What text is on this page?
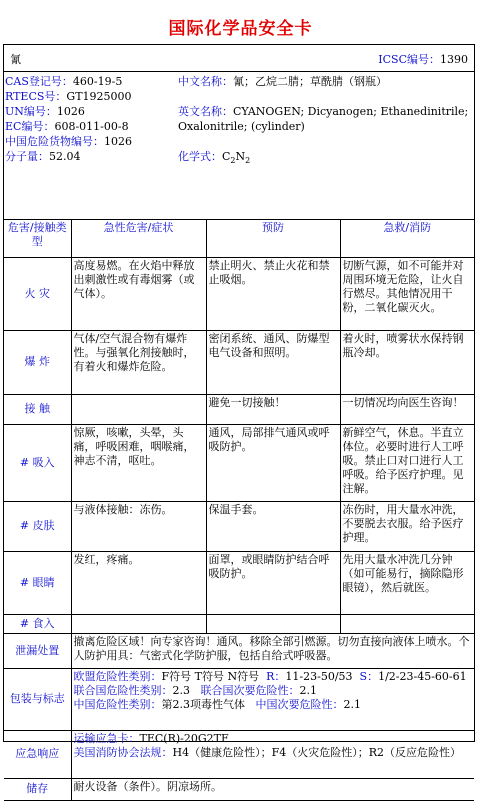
国际化学品安全卡
氰	ICSC编号：1390
CAS登记号：460-19-5
RTECS号：GT1925000
UN编号：1026
EC编号：608-011-00-8
中国危险货物编号：1026
分子量：52.04
中文名称：氰；乙烷二腈；草酰腈（钢瓶）
英文名称：CYANOGEN; Dicyanogen; Ethanedinitrile; Oxalonitrile; (cylinder)
化学式：$C_2N_2$
危害/接触类型	急性危害/症状	预防	急救/消防
火 灾	高度易燃。在火焰中释放出刺激性或有毒烟雾（或气体）。	禁止明火、禁止火花和禁止吸烟。	切断气源，如不可能并对周围环境无危险，让火自行燃尽。其他情况用干粉，二氧化碳灭火。
爆 炸	气体/空气混合物有爆炸性。与强氧化剂接触时，有着火和爆炸危险。	密闭系统、通风、防爆型电气设备和照明。	着火时，喷雾状水保持钢瓶冷却。
接 触		避免一切接触！	一切情况均向医生咨询！
# 吸入	惊厥，咳嗽，头晕，头痛，呼吸困难，咽喉痛，神志不清，呕吐。	通风，局部排气通风或呼吸防护。	新鲜空气，休息。半直立体位。必要时进行人工呼吸。禁止口对口进行人工呼吸。给予医疗护理。见注解。
# 皮肤	与液体接触：冻伤。	保温手套。	冻伤时，用大量水冲洗，不要脱去衣服。给予医疗护理。
# 眼睛	发红，疼痛。	面罩，或眼睛防护结合呼吸防护。	先用大量水冲洗几分钟（如可能易行，摘除隐形眼镜），然后就医。
# 食入			
泄漏处置	撤离危险区域！向专家咨询！通风。移除全部引燃源。切勿直接向液体上喷水。个人防护用具：气密式化学防护服，包括自给式呼吸器。		
包装与标志	欧盟危险性类别：F符号 T符号 N符号 R：11-23-50/53 S：1/2-23-45-60-61
联合国危险性类别：2.3 联合国次要危险性：2.1
中国危险性类别：第2.3项毒性气体 中国次要危险性：2.1		

应急响应	运输应急卡：TEC(R)-20G2TF
美国消防协会法规：H4（健康危险性）；F4（火灾危险性）；R2（反应危险性）		

储存	耐火设备（条件）。阴凉场所。		
